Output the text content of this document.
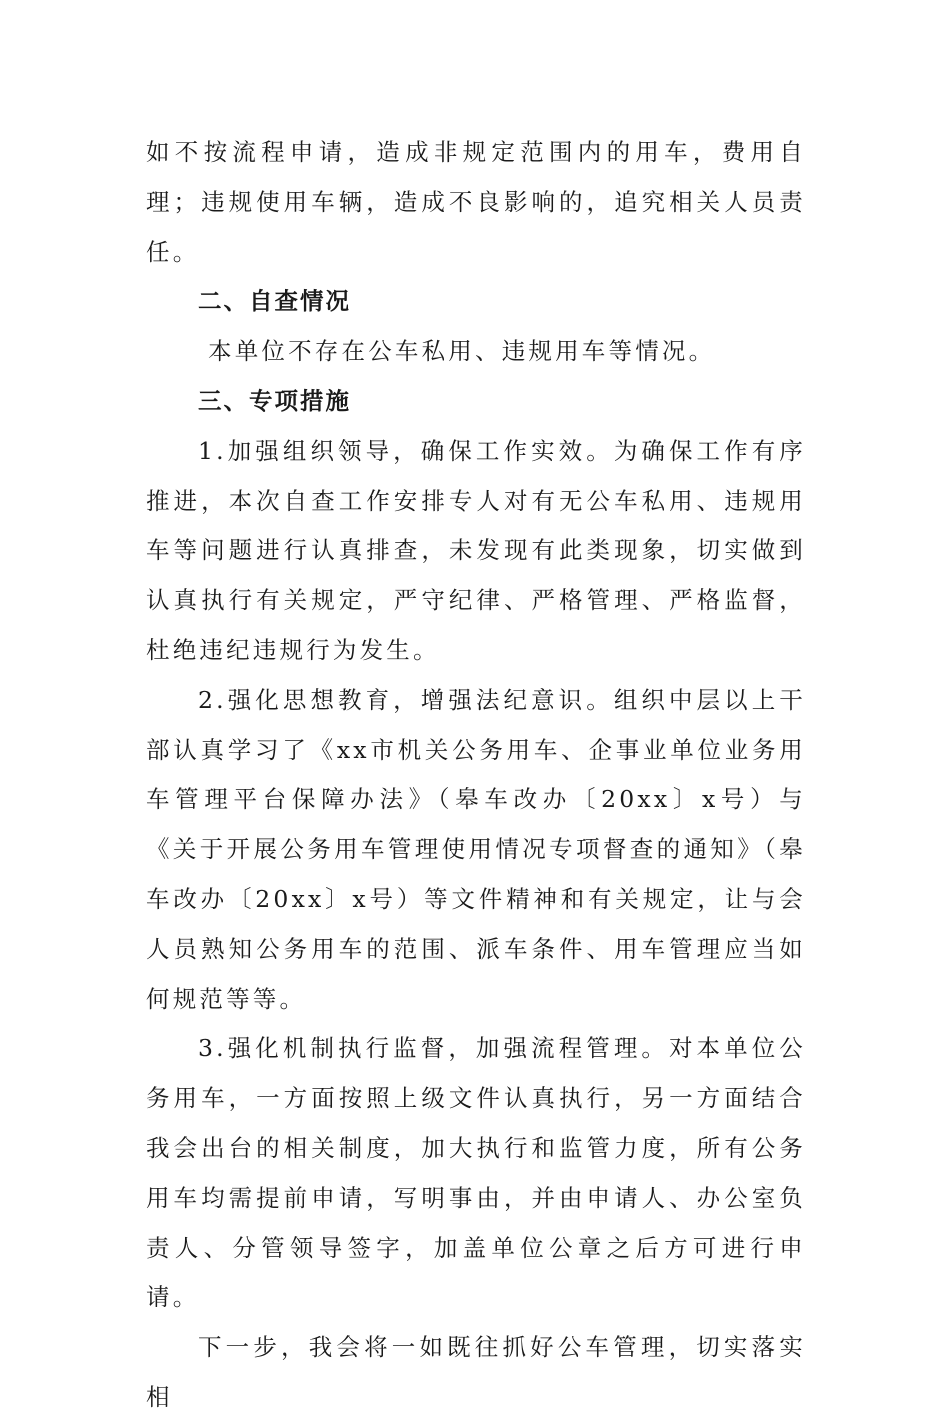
如不按流程申请，造成非规定范围内的用车，费用自理；违规使用车辆，造成不良影响的，追究相关人员责任。

二、自查情况

本单位不存在公车私用、违规用车等情况。

三、专项措施

1.加强组织领导，确保工作实效。为确保工作有序推进，本次自查工作安排专人对有无公车私用、违规用车等问题进行认真排查，未发现有此类现象，切实做到认真执行有关规定，严守纪律、严格管理、严格监督，杜绝违纪违规行为发生。

2.强化思想教育，增强法纪意识。组织中层以上干部认真学习了《xx市机关公务用车、企事业单位业务用车管理平台保障办法》（皋车改办〔20xx〕x号）与《关于开展公务用车管理使用情况专项督查的通知》（皋车改办〔20xx〕x号）等文件精神和有关规定，让与会人员熟知公务用车的范围、派车条件、用车管理应当如何规范等等。

3.强化机制执行监督，加强流程管理。对本单位公务用车，一方面按照上级文件认真执行，另一方面结合我会出台的相关制度，加大执行和监管力度，所有公务用车均需提前申请，写明事由，并由申请人、办公室负责人、分管领导签字，加盖单位公章之后方可进行申请。

下一步，我会将一如既往抓好公车管理，切实落实相
